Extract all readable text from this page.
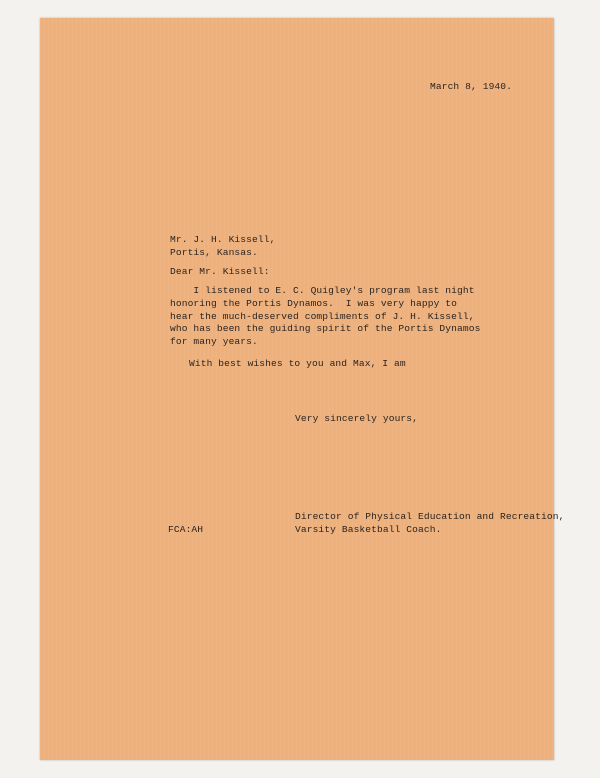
March 8, 1940.
Mr. J. H. Kissell,
Portis, Kansas.
Dear Mr. Kissell:
I listened to E. C. Quigley's program last night
honoring the Portis Dynamos.  I was very happy to
hear the much-deserved compliments of J. H. Kissell,
who has been the guiding spirit of the Portis Dynamos
for many years.
With best wishes to you and Max, I am
Very sincerely yours,
Director of Physical Education and Recreation,
Varsity Basketball Coach.
FCA:AH
